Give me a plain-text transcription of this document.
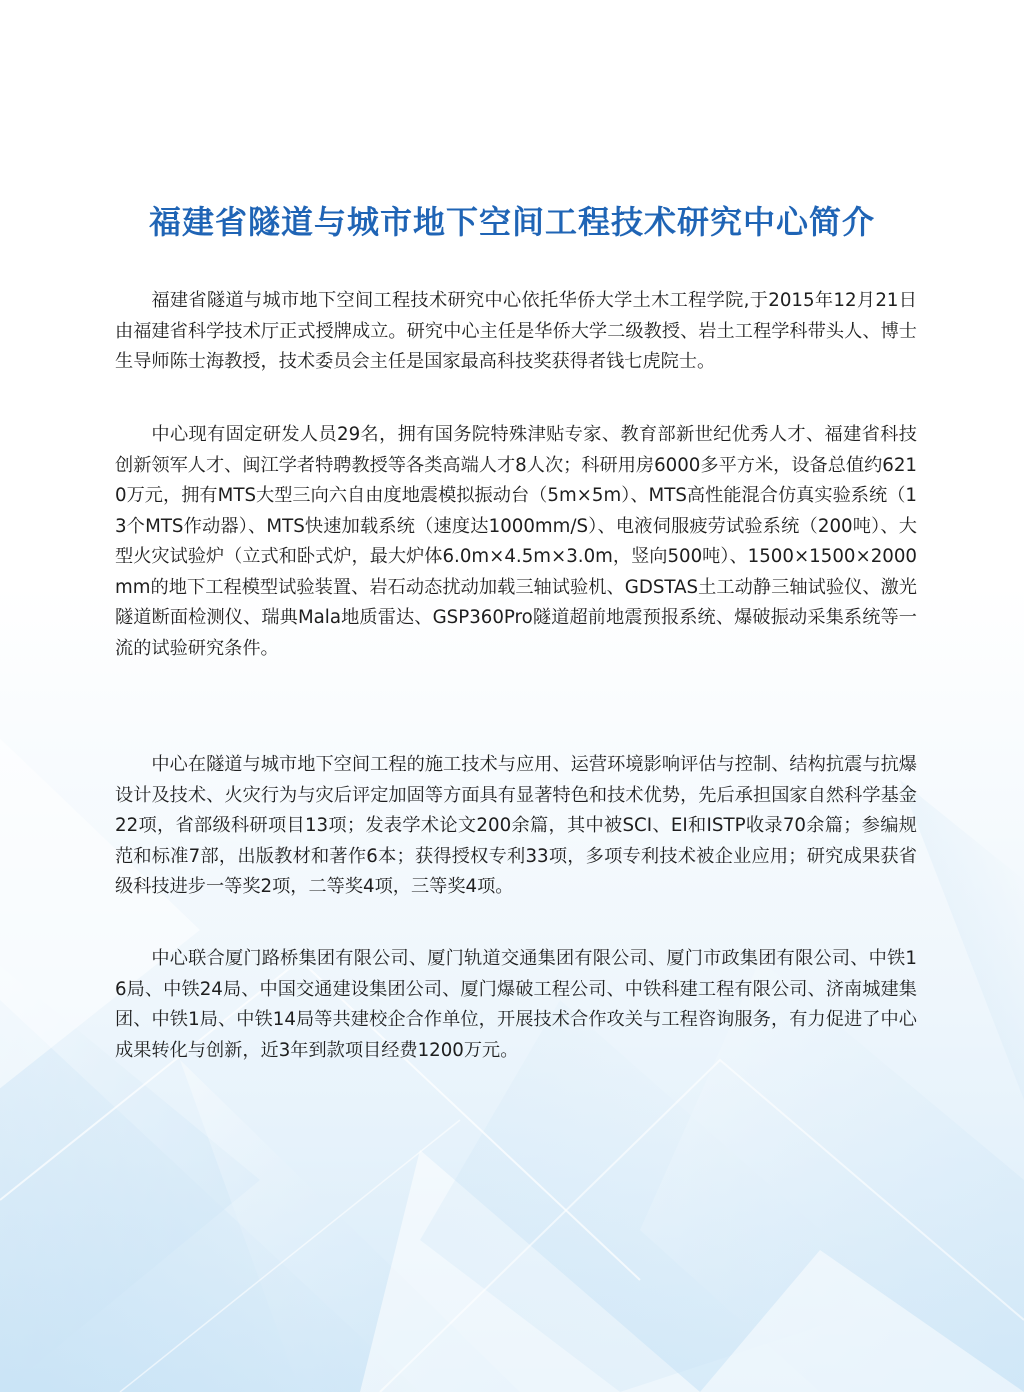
福建省隧道与城市地下空间工程技术研究中心简介

福建省隧道与城市地下空间工程技术研究中心依托华侨大学土木工程学院,于2015年12月21日由福建省科学技术厅正式授牌成立。研究中心主任是华侨大学二级教授、岩土工程学科带头人、博士生导师陈士海教授，技术委员会主任是国家最高科技奖获得者钱七虎院士。

中心现有固定研发人员29名，拥有国务院特殊津贴专家、教育部新世纪优秀人才、福建省科技创新领军人才、闽江学者特聘教授等各类高端人才8人次；科研用房6000多平方米，设备总值约6210万元，拥有MTS大型三向六自由度地震模拟振动台（5m×5m）、MTS高性能混合仿真实验系统（13个MTS作动器）、MTS快速加载系统（速度达1000mm/S）、电液伺服疲劳试验系统（200吨）、大型火灾试验炉（立式和卧式炉，最大炉体6.0m×4.5m×3.0m，竖向500吨）、1500×1500×2000mm的地下工程模型试验装置、岩石动态扰动加载三轴试验机、GDSTAS土工动静三轴试验仪、激光隧道断面检测仪、瑞典Mala地质雷达、GSP360Pro隧道超前地震预报系统、爆破振动采集系统等一流的试验研究条件。

中心在隧道与城市地下空间工程的施工技术与应用、运营环境影响评估与控制、结构抗震与抗爆设计及技术、火灾行为与灾后评定加固等方面具有显著特色和技术优势，先后承担国家自然科学基金22项，省部级科研项目13项；发表学术论文200余篇，其中被SCI、EI和ISTP收录70余篇；参编规范和标准7部，出版教材和著作6本；获得授权专利33项，多项专利技术被企业应用；研究成果获省级科技进步一等奖2项，二等奖4项，三等奖4项。

中心联合厦门路桥集团有限公司、厦门轨道交通集团有限公司、厦门市政集团有限公司、中铁16局、中铁24局、中国交通建设集团公司、厦门爆破工程公司、中铁科建工程有限公司、济南城建集团、中铁1局、中铁14局等共建校企合作单位，开展技术合作攻关与工程咨询服务，有力促进了中心成果转化与创新，近3年到款项目经费1200万元。
